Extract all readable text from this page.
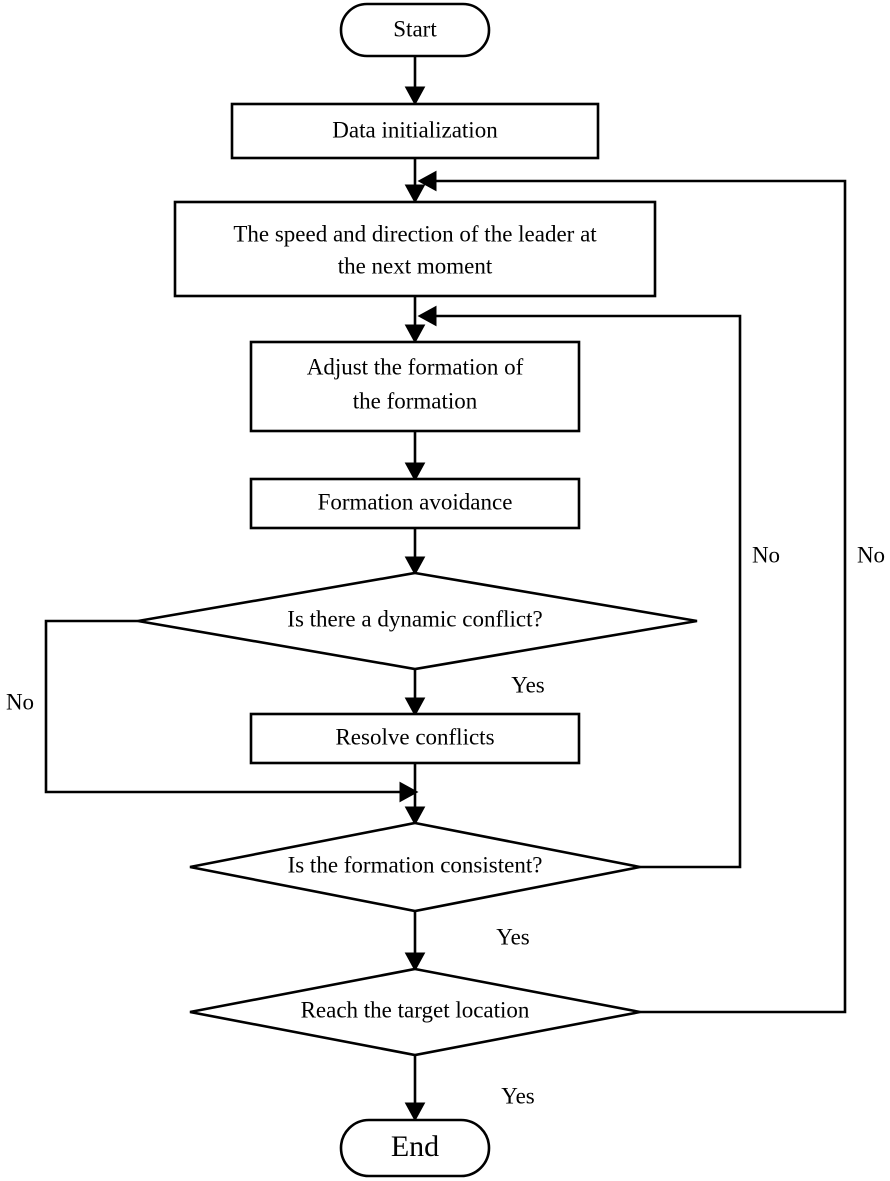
Start
Data initialization
The speed and direction of the leader at
the next moment
Adjust the formation of
the formation
Formation avoidance
Is there a dynamic conflict?
Resolve conflicts
Is the formation consistent?
Reach the target location
End
No
Yes
No
Yes
No
Yes
